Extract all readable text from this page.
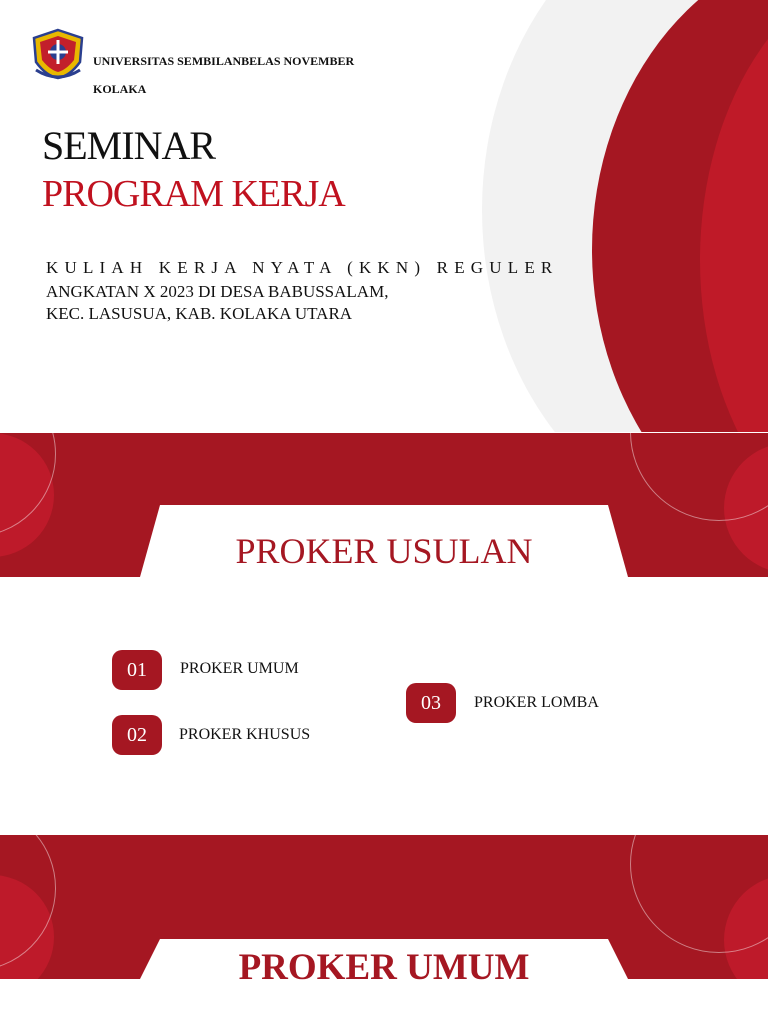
UNIVERSITAS SEMBILANBELAS NOVEMBER
KOLAKA
SEMINAR
PROGRAM KERJA
KULIAH KERJA NYATA (KKN) REGULER
ANGKATAN X 2023 DI DESA BABUSSALAM,
KEC. LASUSUA, KAB. KOLAKA UTARA
PROKER USULAN
01	PROKER UMUM
02	PROKER KHUSUS
03	PROKER LOMBA
PROKER UMUM
